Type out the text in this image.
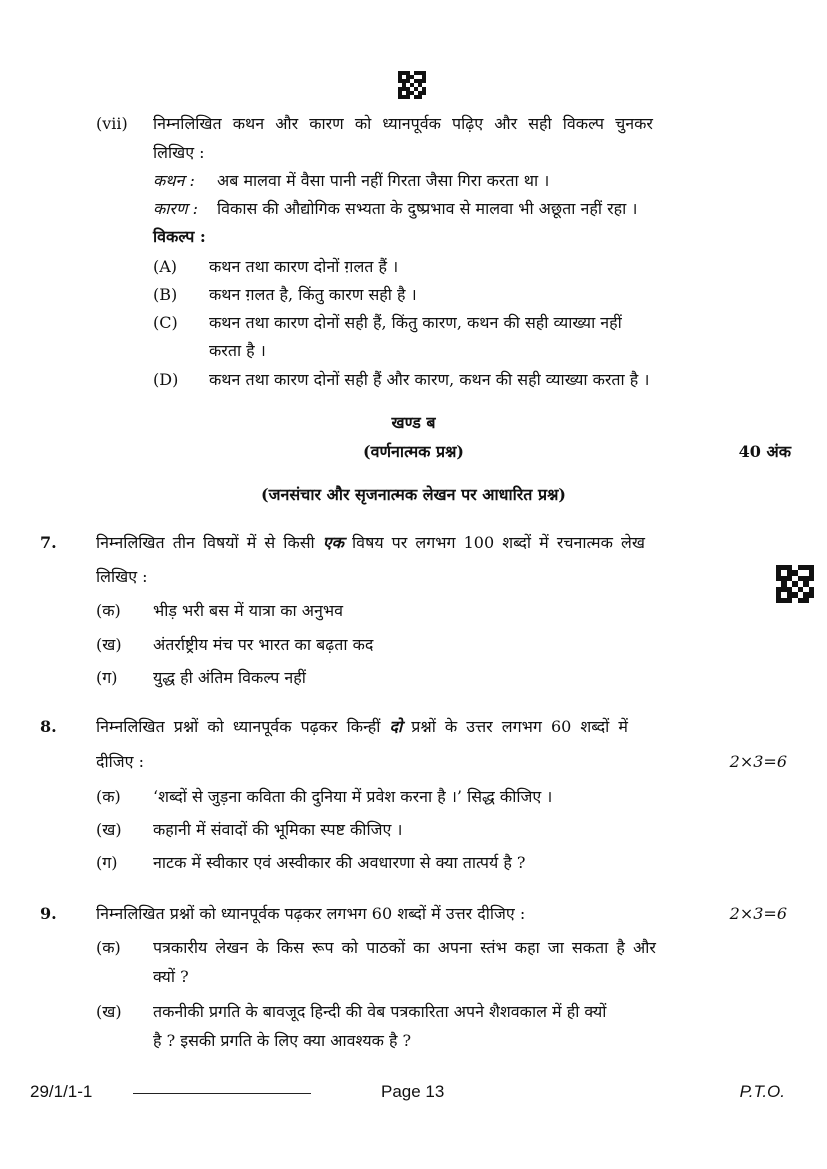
(vii) निम्नलिखित कथन और कारण को ध्यानपूर्वक पढ़िए और सही विकल्प चुनकर
लिखिए :
कथन : अब मालवा में वैसा पानी नहीं गिरता जैसा गिरा करता था ।
कारण : विकास की औद्योगिक सभ्यता के दुष्प्रभाव से मालवा भी अछूता नहीं रहा ।
विकल्प :
(A) कथन तथा कारण दोनों ग़लत हैं ।
(B) कथन ग़लत है, किंतु कारण सही है ।
(C) कथन तथा कारण दोनों सही हैं, किंतु कारण, कथन की सही व्याख्या नहीं
करता है ।
(D) कथन तथा कारण दोनों सही हैं और कारण, कथन की सही व्याख्या करता है ।
खण्ड ब
(वर्णनात्मक प्रश्न)	40 अंक
(जनसंचार और सृजनात्मक लेखन पर आधारित प्रश्न)
7. निम्नलिखित तीन विषयों में से किसी एक विषय पर लगभग 100 शब्दों में रचनात्मक लेख
लिखिए :
(क) भीड़ भरी बस में यात्रा का अनुभव
(ख) अंतर्राष्ट्रीय मंच पर भारत का बढ़ता कद
(ग) युद्ध ही अंतिम विकल्प नहीं
8. निम्नलिखित प्रश्नों को ध्यानपूर्वक पढ़कर किन्हीं दो प्रश्नों के उत्तर लगभग 60 शब्दों में
दीजिए :	2×3=6
(क) ‘शब्दों से जुड़ना कविता की दुनिया में प्रवेश करना है ।’ सिद्ध कीजिए ।
(ख) कहानी में संवादों की भूमिका स्पष्ट कीजिए ।
(ग) नाटक में स्वीकार एवं अस्वीकार की अवधारणा से क्या तात्पर्य है ?
9. निम्नलिखित प्रश्नों को ध्यानपूर्वक पढ़कर लगभग 60 शब्दों में उत्तर दीजिए :	2×3=6
(क) पत्रकारीय लेखन के किस रूप को पाठकों का अपना स्तंभ कहा जा सकता है और
क्यों ?
(ख) तकनीकी प्रगति के बावजूद हिन्दी की वेब पत्रकारिता अपने शैशवकाल में ही क्यों
है ? इसकी प्रगति के लिए क्या आवश्यक है ?
29/1/1-1	Page 13	P.T.O.
